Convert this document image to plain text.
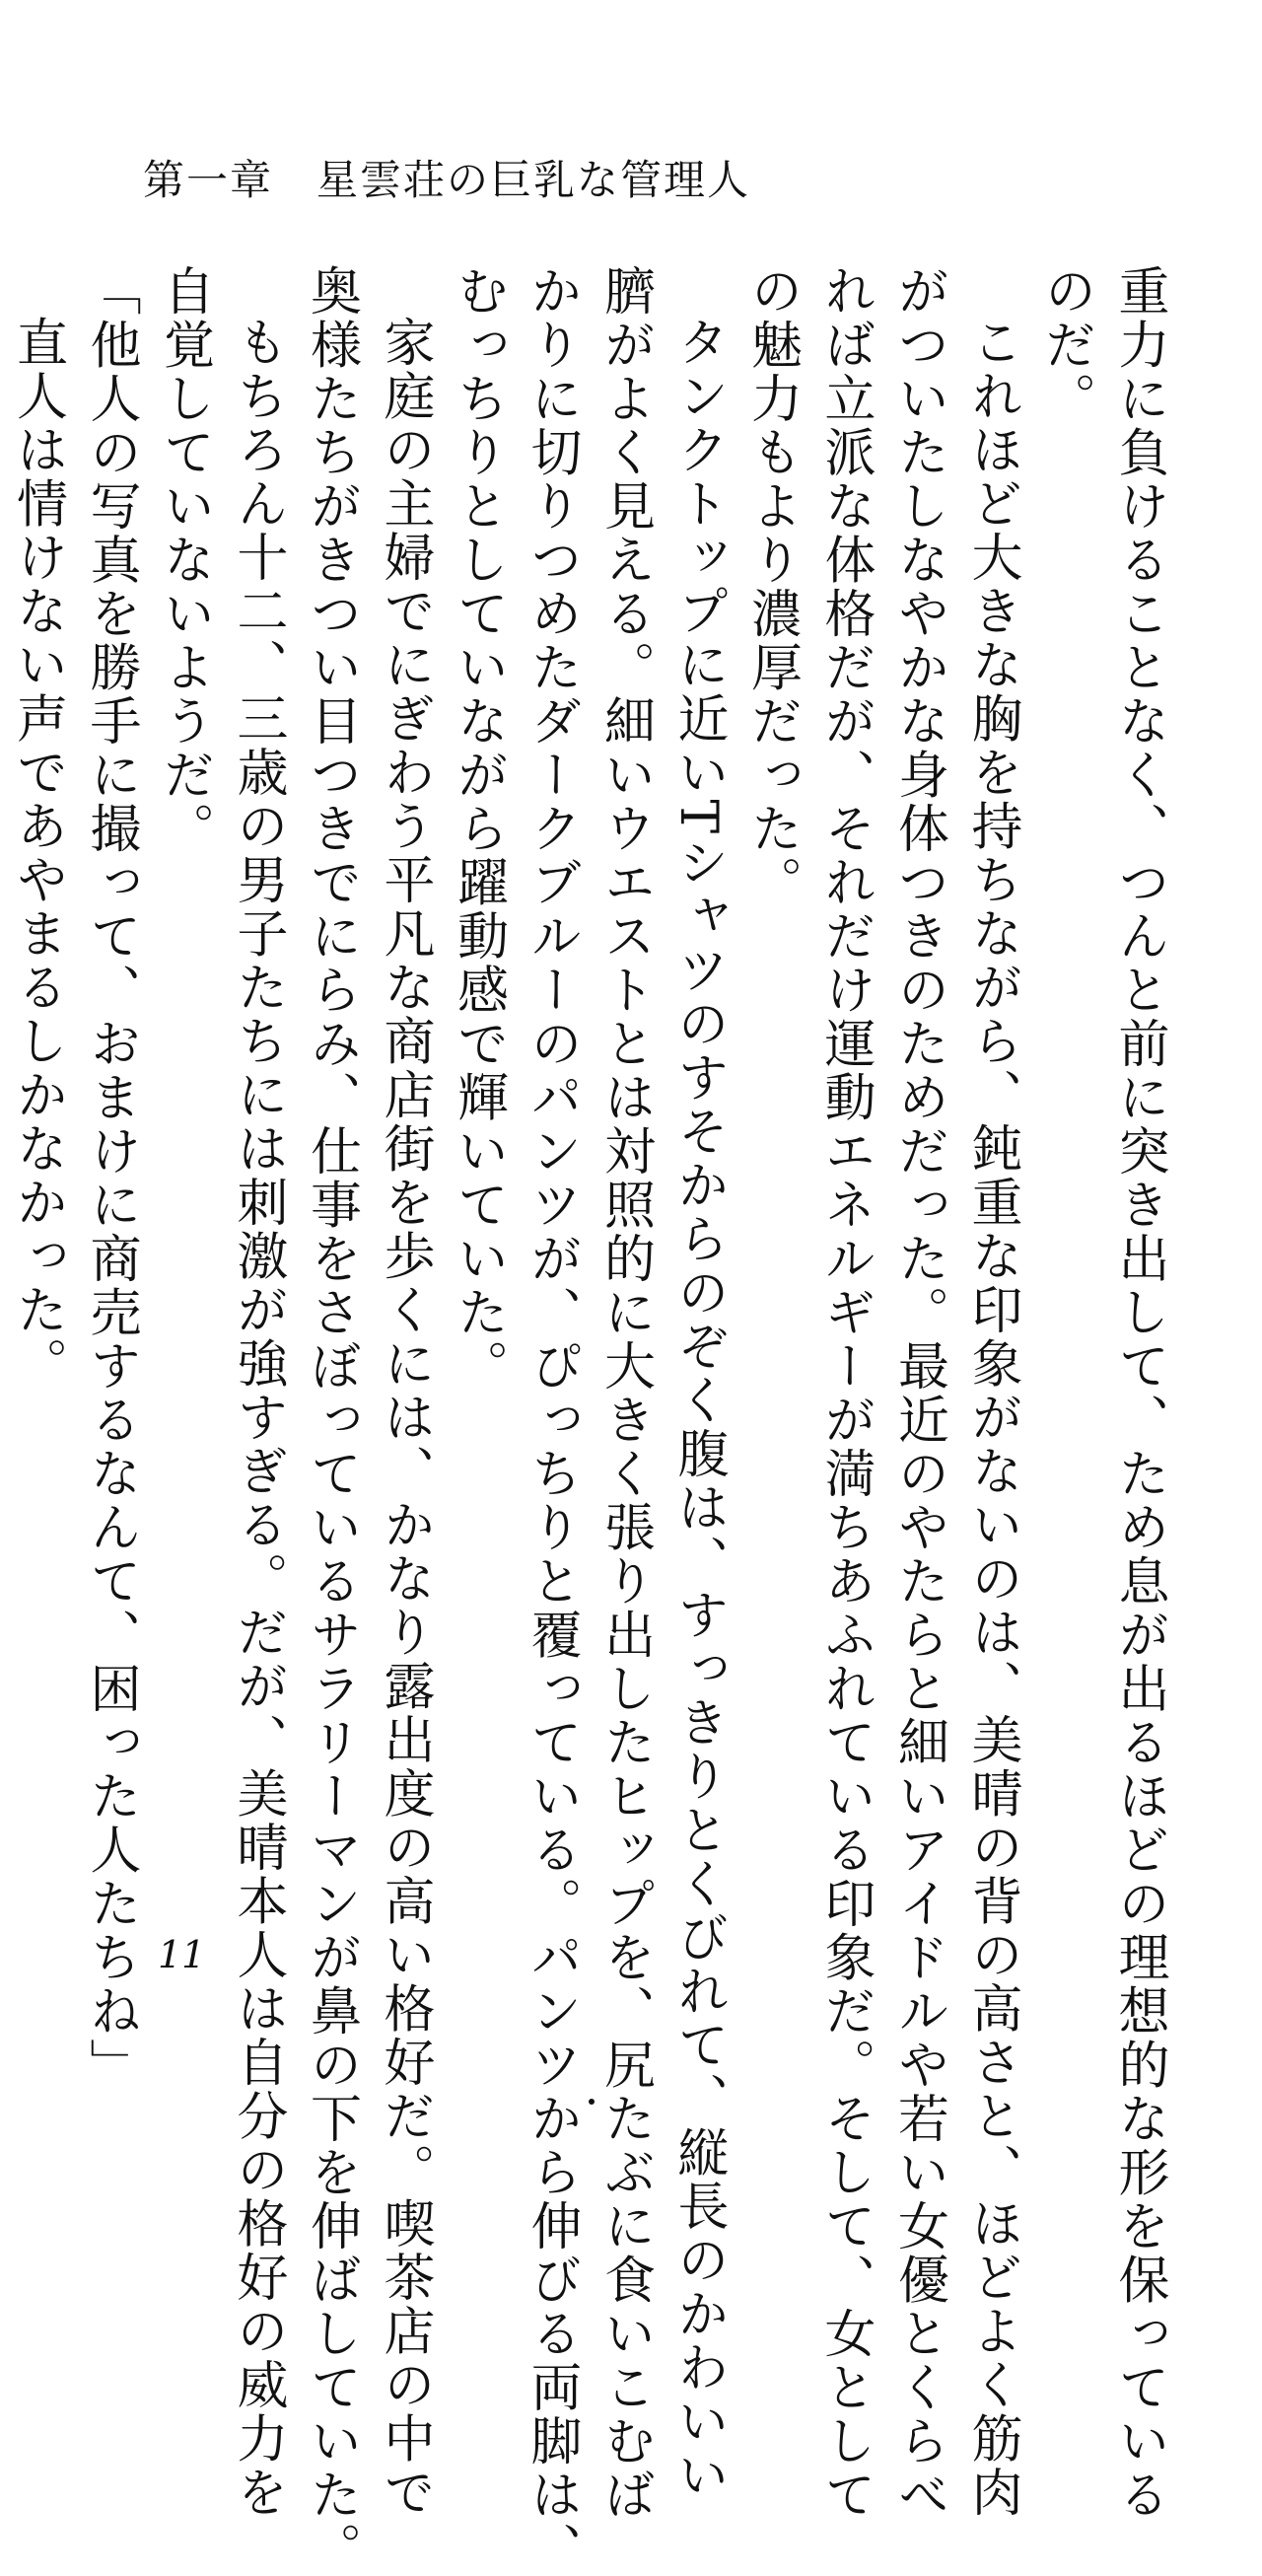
第一章　星雲荘の巨乳な管理人
重力に負けることなく、つんと前に突き出して、ため息が出るほどの理想的な形を保っている
のだ。
これほど大きな胸を持ちながら、鈍重な印象がないのは、美晴の背の高さと、ほどよく筋肉
がついたしなやかな身体つきのためだった。最近のやたらと細いアイドルや若い女優とくらべ
れば立派な体格だが、それだけ運動エネルギーが満ちあふれている印象だ。そして、女として
の魅力もより濃厚だった。
タンクトップに近いTシャツのすそからのぞく腹は、すっきりとくびれて、縦長のかわいい
臍がよく見える。細いウエストとは対照的に大きく張り出したヒップを、尻たぶに食いこむば
かりに切りつめたダークブルーのパンツが、ぴっちりと覆っている。パンツから伸びる両脚は、
むっちりとしていながら躍動感で輝いていた。
家庭の主婦でにぎわう平凡な商店街を歩くには、かなり露出度の高い格好だ。喫茶店の中で
奥様たちがきつい目つきでにらみ、仕事をさぼっているサラリーマンが鼻の下を伸ばしていた。
もちろん十二、三歳の男子たちには刺激が強すぎる。だが、美晴本人は自分の格好の威力を
自覚していないようだ。
「他人の写真を勝手に撮って、おまけに商売するなんて、困った人たちね」
直人は情けない声であやまるしかなかった。
11
